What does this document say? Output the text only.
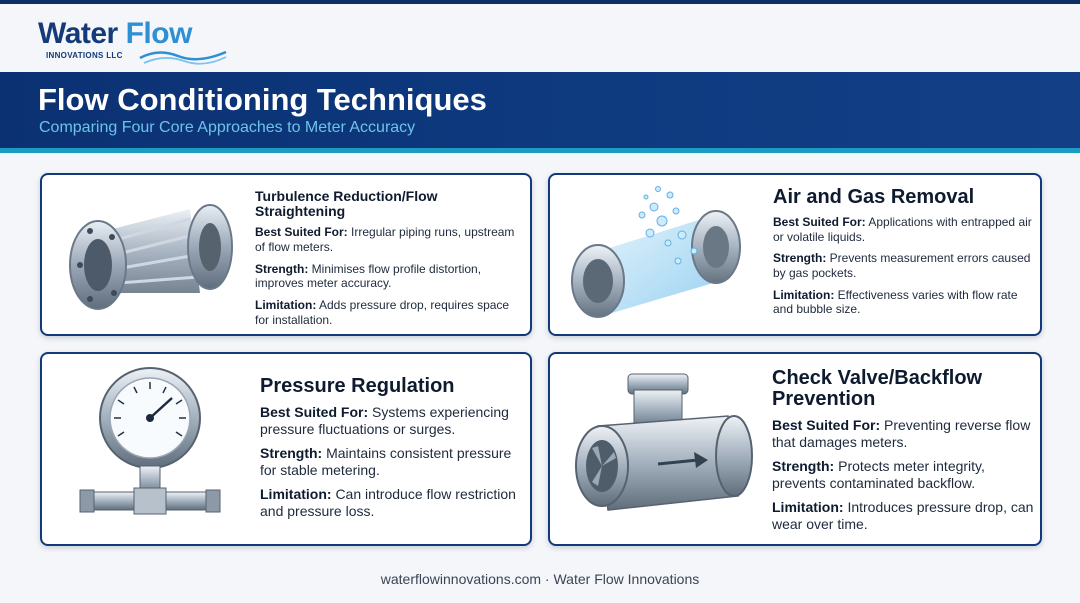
Water Flow
INNOVATIONS LLC
Flow Conditioning Techniques
Comparing Four Core Approaches to Meter Accuracy
Turbulence Reduction/Flow Straightening
Best Suited For: Irregular piping runs, upstream of flow meters.
Strength: Minimises flow profile distortion, improves meter accuracy.
Limitation: Adds pressure drop, requires space for installation.
Air and Gas Removal
Best Suited For: Applications with entrapped air or volatile liquids.
Strength: Prevents measurement errors caused by gas pockets.
Limitation: Effectiveness varies with flow rate and bubble size.
Pressure Regulation
Best Suited For: Systems experiencing pressure fluctuations or surges.
Strength: Maintains consistent pressure for stable metering.
Limitation: Can introduce flow restriction and pressure loss.
Check Valve/Backflow Prevention
Best Suited For: Preventing reverse flow that damages meters.
Strength: Protects meter integrity, prevents contaminated backflow.
Limitation: Introduces pressure drop, can wear over time.
waterflowinnovations.com · Water Flow Innovations
